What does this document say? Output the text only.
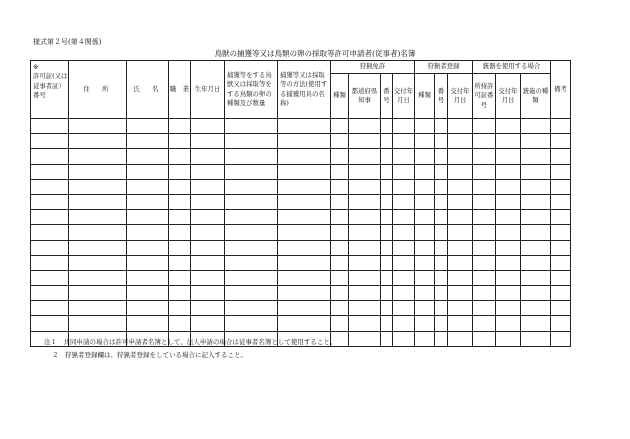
様式第２号(第４関係)
鳥獣の捕獲等又は鳥類の卵の採取等許可申請者(従事者)名簿
※
許可証(又は従事者証）番号	住　所	氏　名	職　業	生年月日	捕獲等をする鳥獣又は採取等をする鳥類の卵の種類及び数量	捕獲等又は採取等の方法(使用する捕獲用具の名称)	狩猟免許				狩猟者登録			銃器を使用する場合			備考
							種類	都道府県知事	番号	交付年月日	種類	番号	交付年月日	所持許可証番号	交付年月日	銃砲の種類	

注１　共同申請の場合は許可申請者名簿として、法人申請の場合は従事者名簿として使用すること。
２　狩猟者登録欄は、狩猟者登録をしている場合に記入すること。
